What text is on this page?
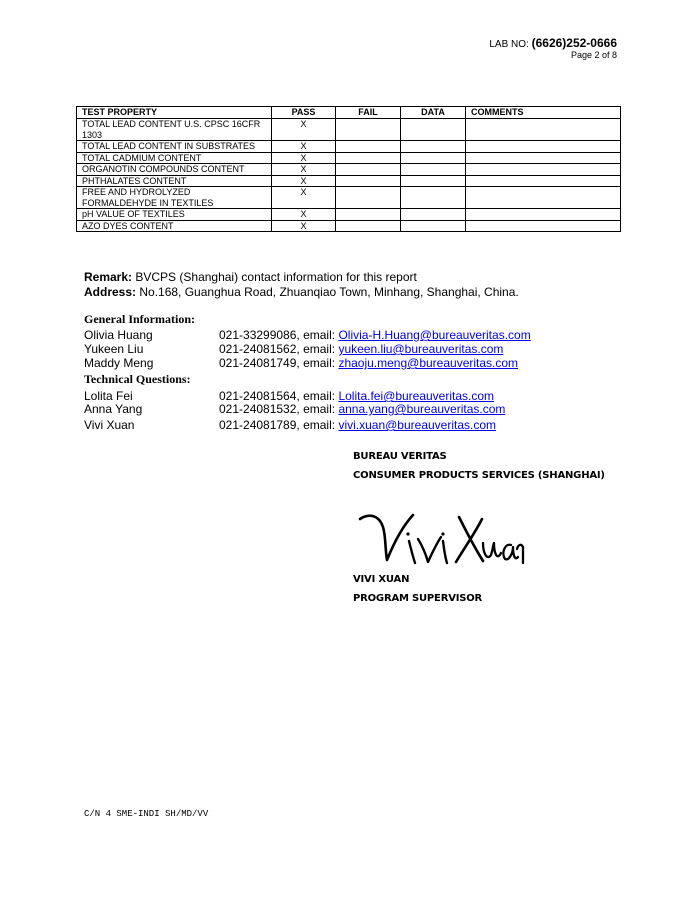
LAB NO: (6626)252-0666
Page 2 of 8
TEST PROPERTY	PASS	FAIL	DATA	COMMENTS
TOTAL LEAD CONTENT U.S. CPSC 16CFR 1303	X			
TOTAL LEAD CONTENT IN SUBSTRATES	X			
TOTAL CADMIUM CONTENT	X			
ORGANOTIN COMPOUNDS CONTENT	X			
PHTHALATES CONTENT	X			
FREE AND HYDROLYZED FORMALDEHYDE IN TEXTILES	X			
pH VALUE OF TEXTILES	X			
AZO DYES CONTENT	X			
Remark: BVCPS (Shanghai) contact information for this report
Address: No.168, Guanghua Road, Zhuanqiao Town, Minhang, Shanghai, China.
General Information:
Olivia Huang	021-33299086, email: Olivia-H.Huang@bureauveritas.com
Yukeen Liu	021-24081562, email: yukeen.liu@bureauveritas.com
Maddy Meng	021-24081749, email: zhaoju.meng@bureauveritas.com
Technical Questions:
Lolita Fei	021-24081564, email: Lolita.fei@bureauveritas.com
Anna Yang	021-24081532, email: anna.yang@bureauveritas.com
Vivi Xuan	021-24081789, email: vivi.xuan@bureauveritas.com
BUREAU VERITAS
CONSUMER PRODUCTS SERVICES (SHANGHAI)
VIVI XUAN
PROGRAM SUPERVISOR
C/N 4 SME-INDI SH/MD/VV
